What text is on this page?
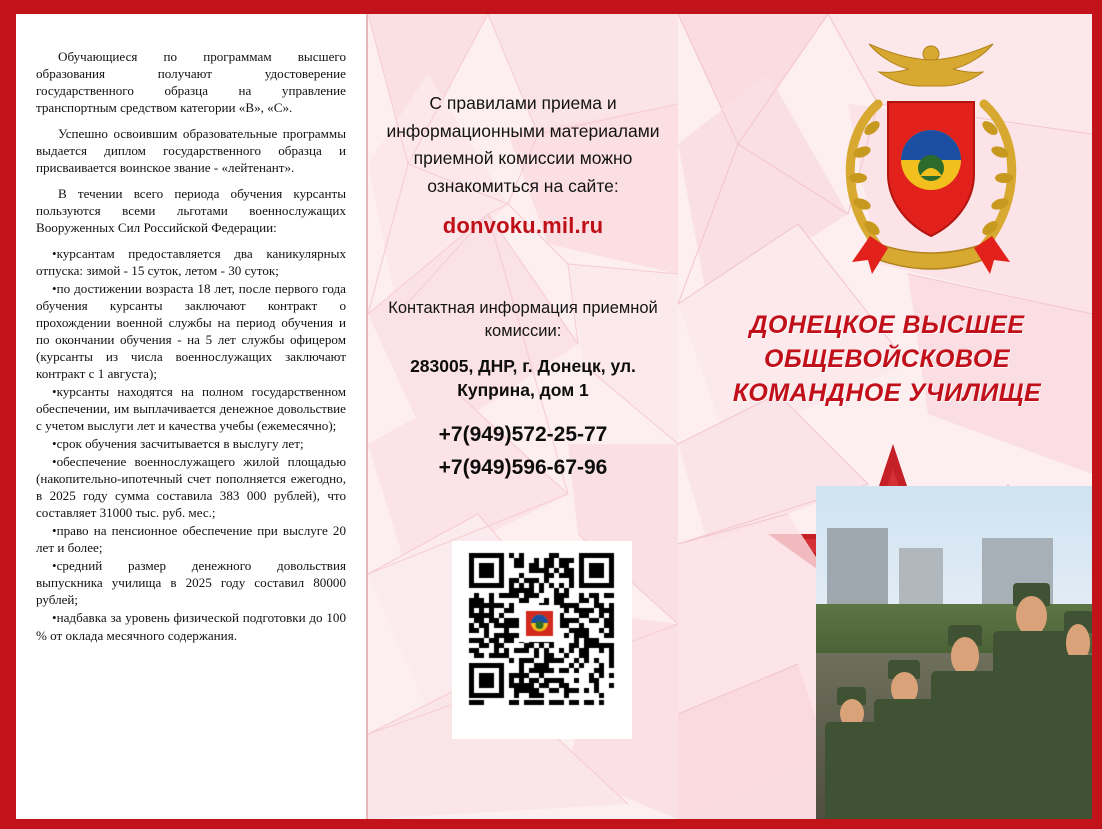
Обучающиеся по программам высшего образования получают удостоверение государственного образца на управление транспортным средством категории «В», «С».

Успешно освоившим образовательные программы выдается диплом государственного образца и присваивается воинское звание - «лейтенант».

В течении всего периода обучения курсанты пользуются всеми льготами военнослужащих Вооруженных Сил Российской Федерации:

•курсантам предоставляется два каникулярных отпуска: зимой - 15 суток, летом - 30 суток;

•по достижении возраста 18 лет, после первого года обучения курсанты заключают контракт о прохождении военной службы на период обучения и по окончании обучения - на 5 лет службы офицером (курсанты из числа военнослужащих заключают контракт с 1 августа);

•курсанты находятся на полном государственном обеспечении, им выплачивается денежное довольствие с учетом выслуги лет и качества учебы (ежемесячно);

•срок обучения засчитывается в выслугу лет;

•обеспечение военнослужащего жилой площадью (накопительно-ипотечный счет пополняется ежегодно, в 2025 году сумма составила 383 000 рублей), что составляет 31000 тыс. руб. мес.;

•право на пенсионное обеспечение при выслуге 20 лет и более;

•средний размер денежного довольствия выпускника училища в 2025 году составил 80000 рублей;

•надбавка за уровень физической подготовки до 100 % от оклада месячного содержания.

С правилами приема и информационными материалами приемной комиссии можно ознакомиться на сайте:
donvoku.mil.ru
Контактная информация приемной комиссии:
283005, ДНР, г. Донецк, ул. Куприна, дом 1
+7(949)572-25-77
+7(949)596-67-96
ДОНЕЦКОЕ ВЫСШЕЕ
ОБЩЕВОЙСКОВОЕ
КОМАНДНОЕ УЧИЛИЩЕ
